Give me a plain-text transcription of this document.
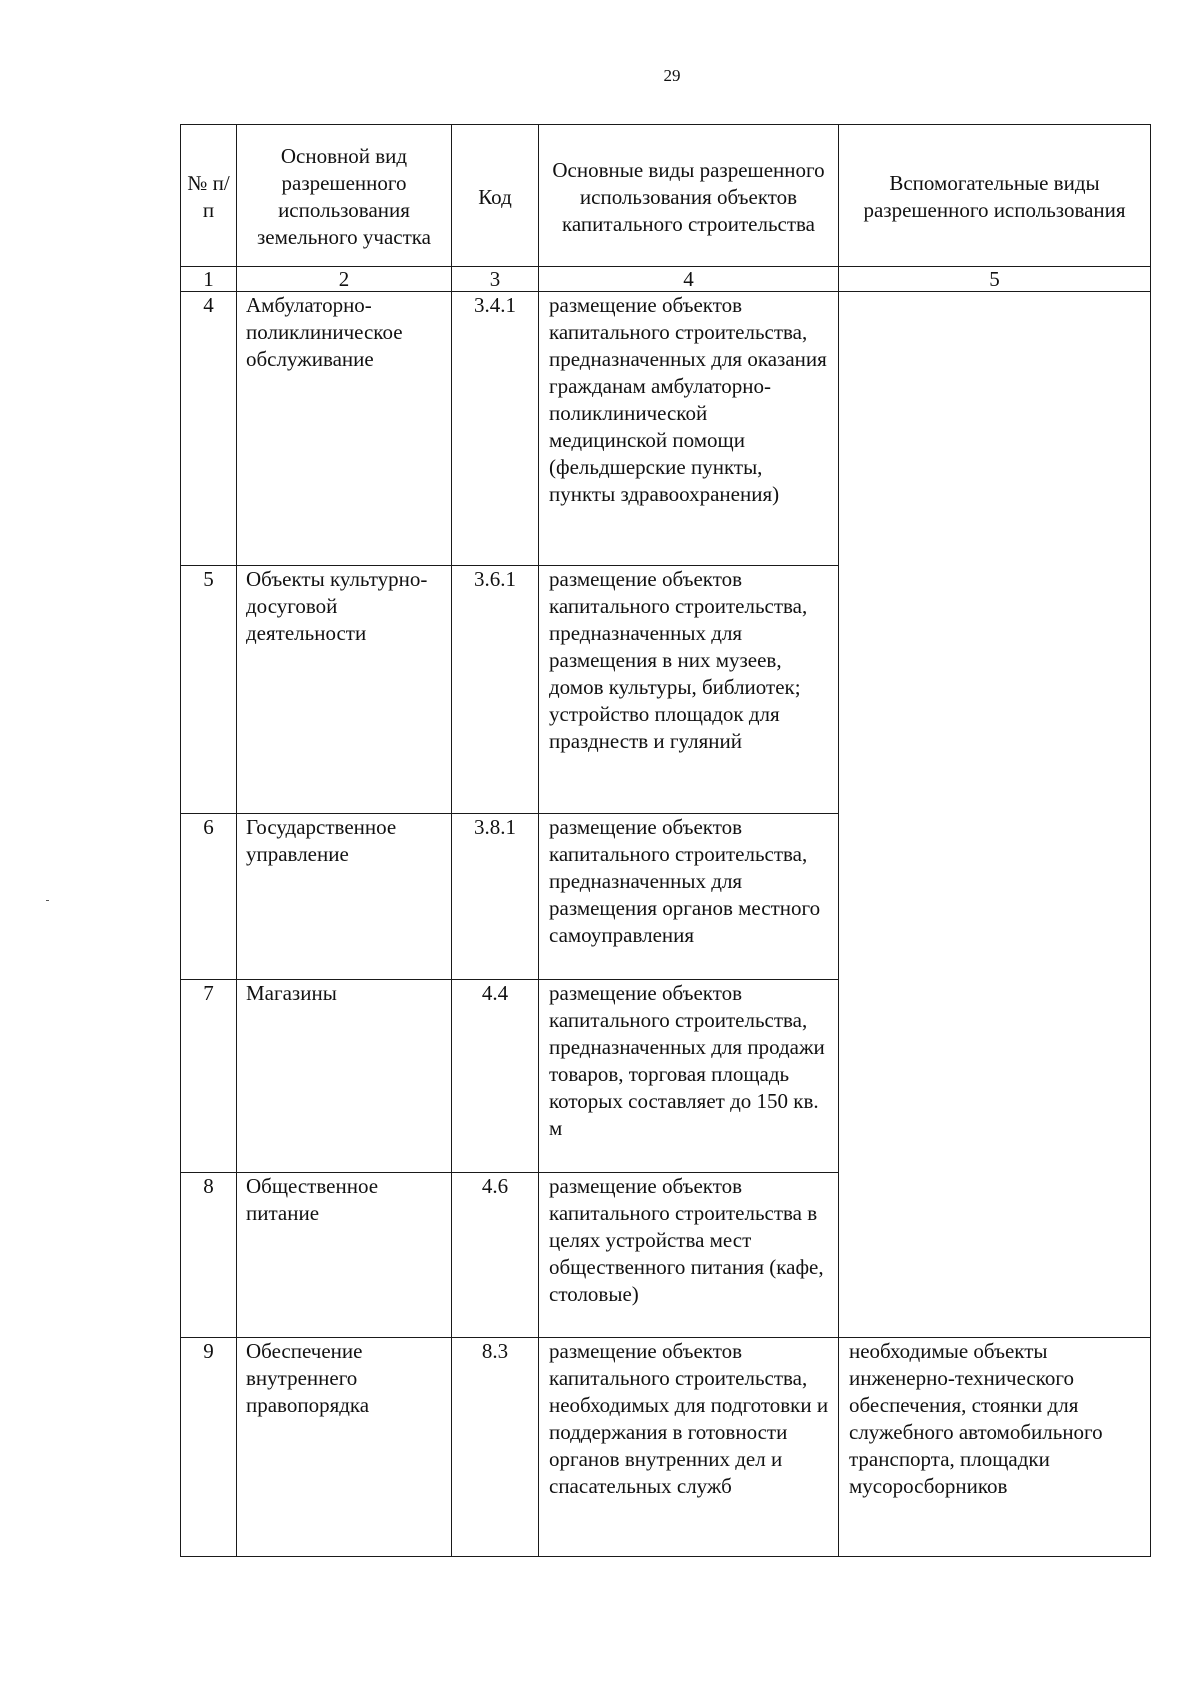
29
№ п/п	Основной вид разрешенного использования земельного участка	Код	Основные виды разрешенного использования объектов капитального строительства	Вспомогательные виды разрешенного использования
1	2	3	4	5
4	Амбулаторно-поликлиническое обслуживание	3.4.1	размещение объектов капитального строительства, предназначенных для оказания гражданам амбулаторно-поликлинической медицинской помощи (фельдшерские пункты, пункты здравоохранения)	
5	Объекты культурно-досуговой деятельности	3.6.1	размещение объектов капитального строительства, предназначенных для размещения в них музеев, домов культуры, библиотек; устройство площадок для празднеств и гуляний	
6	Государственное управление	3.8.1	размещение объектов капитального строительства, предназначенных для размещения органов местного самоуправления	
7	Магазины	4.4	размещение объектов капитального строительства, предназначенных для продажи товаров, торговая площадь которых составляет до 150 кв. м	
8	Общественное питание	4.6	размещение объектов капитального строительства в целях устройства мест общественного питания (кафе, столовые)	
9	Обеспечение внутреннего правопорядка	8.3	размещение объектов капитального строительства, необходимых для подготовки и поддержания в готовности органов внутренних дел и спасательных служб	необходимые объекты инженерно-технического обеспечения, стоянки для служебного автомобильного транспорта, площадки мусоросборников
